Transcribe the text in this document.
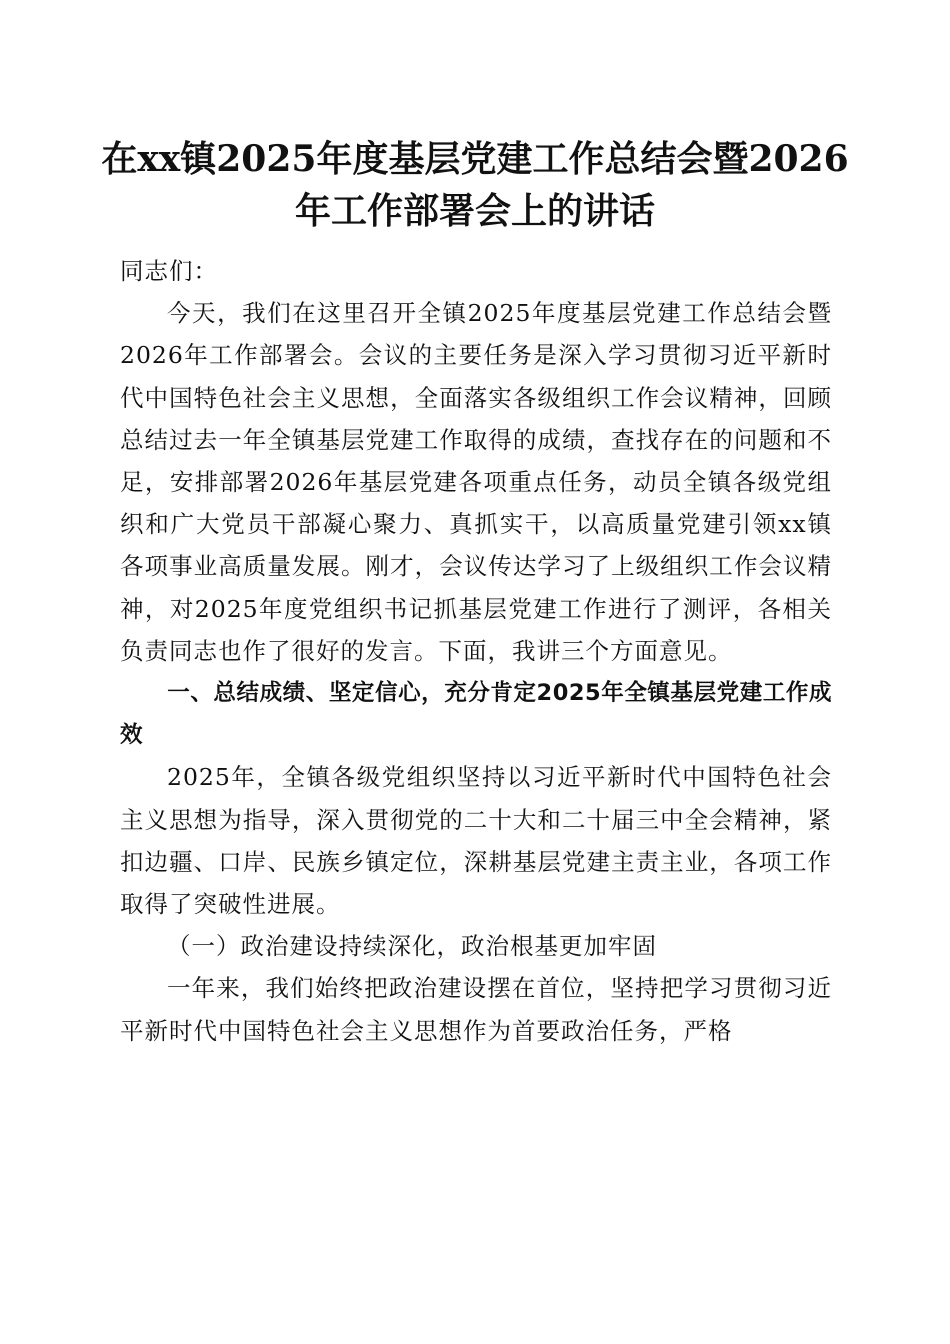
在xx镇2025年度基层党建工作总结会暨2026年工作部署会上的讲话

同志们：

今天，我们在这里召开全镇2025年度基层党建工作总结会暨2026年工作部署会。会议的主要任务是深入学习贯彻习近平新时代中国特色社会主义思想，全面落实各级组织工作会议精神，回顾总结过去一年全镇基层党建工作取得的成绩，查找存在的问题和不足，安排部署2026年基层党建各项重点任务，动员全镇各级党组织和广大党员干部凝心聚力、真抓实干，以高质量党建引领xx镇各项事业高质量发展。刚才，会议传达学习了上级组织工作会议精神，对2025年度党组织书记抓基层党建工作进行了测评，各相关负责同志也作了很好的发言。下面，我讲三个方面意见。

一、总结成绩、坚定信心，充分肯定2025年全镇基层党建工作成效

2025年，全镇各级党组织坚持以习近平新时代中国特色社会主义思想为指导，深入贯彻党的二十大和二十届三中全会精神，紧扣边疆、口岸、民族乡镇定位，深耕基层党建主责主业，各项工作取得了突破性进展。

（一）政治建设持续深化，政治根基更加牢固

一年来，我们始终把政治建设摆在首位，坚持把学习贯彻习近平新时代中国特色社会主义思想作为首要政治任务，严格
